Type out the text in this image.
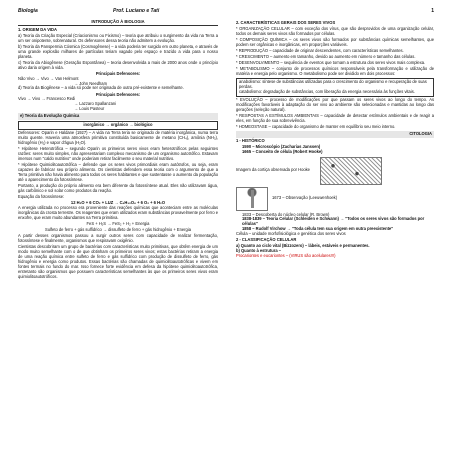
Biologia	Prof. Luciano e Tati	1
INTRODUÇÃO À BIOLOGIA
1. ORIGEM DA VIDA

a) Teoria da Criação Especial (Criacionismo ou Fixismo) – teoria que atribuiu o surgimento da vida na Terra a um ser onipotente, sobrenatural. Os defensores dessa teoria não admitem a evolução.

b) Teoria da Panspermia Cósmica (Cosmogênese) – a vida poderia ter surgido em outro planeta, e através de uma grande explosão milhares de partículas teriam vagado pelo espaço e trazido a vida para o nosso planeta.

c) Teoria da Abiogênese (Geração Espontânea) – teoria desenvolvida a mais de 2000 anos onde o princípio ativo daria origem à vida.

Principais Defensores:
Não Vivo → Vivo → Van Helmont
→ John Needham

d) Teoria da Biogênese – a vida só pode ser originada de outra pré-existente e semelhante.

Principais Defensores:
Vivo → Vivo → Francesco Redi
→ Lazzaro Spallanzani
→ Louis Pasteur
e) Teoria da Evolução Química
inorgânico → orgânico → biológico

Defensores: Oparin e Haldane (1927) – A vida na Terra teria se originado de matéria inorgânica, numa terra muito quente. Haveria uma atmosfera primitiva constituída basicamente de metano (CH₄), amônia (NH₃), hidrogênio (H₂) e vapor d'água (H₂O).

* Hipótese Heterotrófica – segundo Oparin os primeiros seres vivos eram heterotróficos pelas seguintes razões: seres muito simples, não apresentariam complexo mecanismo de um organismo autotrófico. Estavam imersos num "caldo nutritivo" onde poderiam retirar facilmente o seu material nutritivo.

* Hipótese Quimiolitoautotrófica – defende que os seres vivos primordiais eram autótrofos, ou seja, eram capazes de fabricar seu próprio alimento. Os cientistas defendem essa teoria com o argumento de que a Terra primitiva não havia alimento para todos os seres habitantes e que sustentasse o aumento da população até o aparecimento da fotossíntese.

Portanto, a produção do próprio alimento era bem diferente da fotossíntese atual. Eles não utilizavam água, gás carbônico e sol solar como produtos da reação.

Equação da fotossíntese:
12 H₂O + 6 CO₂ + LUZ → C₆H₁₂O₆ + 6 O₂ + 6 H₂O

A energia utilizada no processo era proveniente das reações químicas que aconteciam entre as moléculas inorgânicas da crosta terrestre. Os reagentes que eram utilizados eram substâncias provavelmente por ferro e enxofre, que eram muito abundantes na Terra primitiva.

FeS + H₂S → FeS₂ + H₂ + Energia
Sulfeto de ferro + gás sulfídrico → dissulfeto de ferro + gás hidrogênio + Energia

A partir desses organismos passou a surgir outros seres com capacidade de realizar fermentação, fotossíntese e finalmente, organismos que respiravam oxigênio.

Cientistas descobriram um grupo de bactérias com características muito primitivas, que obtêm energia de um modo muito semelhante com o de que obtinham os primeiros seres vivos; estas bactérias retiram a energia de uma reação química entre sulfeto de ferro e gás sulfídrico com produção de dissulfeto de ferro, gás hidrogênio e energia como produtos. Essas bactérias são chamadas de quimiolitoautotróficas e vivem em fontes termais no fundo do mar. Isso fornece forte evidência em defesa da hipótese quimiolitoautotrófica, entretanto são organismos que possuem características semelhantes às que os primeiros seres vivos eram quimiolitoautotróficos.

2. CARACTERÍSTICAS GERAIS DOS SERES VIVOS

* ORGANIZAÇÃO CELULAR – com exceção dos vírus, que são desprovidos de uma organização celular, todos os demais seres vivos são formados por células.

* COMPOSIÇÃO QUÍMICA – os seres vivos são formados por substâncias químicas semelhantes, que podem ser orgânicas e inorgânicas, em proporções variáveis.

* REPRODUÇÃO – capacidade de originar descendentes, com características semelhantes.

* CRESCIMENTO – aumento em tamanho, devido ao aumento em número e tamanho das células.

* DESENVOLVIMENTO – sequência de eventos que tornam a estrutura dos seres vivos mais complexa.

* METABOLISMO – conjunto de processos químicos responsáveis pela transformação e utilização de matéria e energia pelo organismo. O metabolismo pode ser dividido em dois processos:

anabolismo: síntese de substâncias utilizadas para o crescimento do organismo e recuperação de suas perdas.
catabolismo: degradação de substâncias, com liberação da energia necessária às funções vitais.

* EVOLUÇÃO – processo de modificações por que passam os seres vivos ao longo do tempo. As modificações favoráveis à adaptação do ser vivo ao ambiente são selecionadas e mantidas ao longo das gerações (seleção natural).

* RESPOSTAS A ESTÍMULOS AMBIENTAIS – capacidade de detectar estímulos ambientais e de reagir a eles, em função de sua sobrevivência.

* HOMEOSTASE – capacidade do organismo de manter em equilíbrio seu meio interno.

CITOLOGIA
1 - HISTÓRICO
1590 – Microscópio (Zacharias Janssen)
1665 – Conceito de célula (Robert Hooke)
Imagem da cortiça observada por Hooke
1673 – Observação (Leeuwenhoek)
1833 – Descoberta do núcleo celular (R. Brown)
1838-1839 – Teoria Celular (Schleiden e Schwann) → "Todos os seres vivos são formados por células"
1858 – Rudolf Virchow → "Toda célula tem sua origem em outra preexistente"

Célula – unidade morfofisiológica e genética dos seres vivos

2 - CLASSIFICAÇÃO CELULAR
a) Quanto ao ciclo vital (Bizzozero) – lábeis, estáveis e permanentes.
b) Quanto à estrutura –
Procariontes e eucariontes – (VIRUS são acelulares!!!)
